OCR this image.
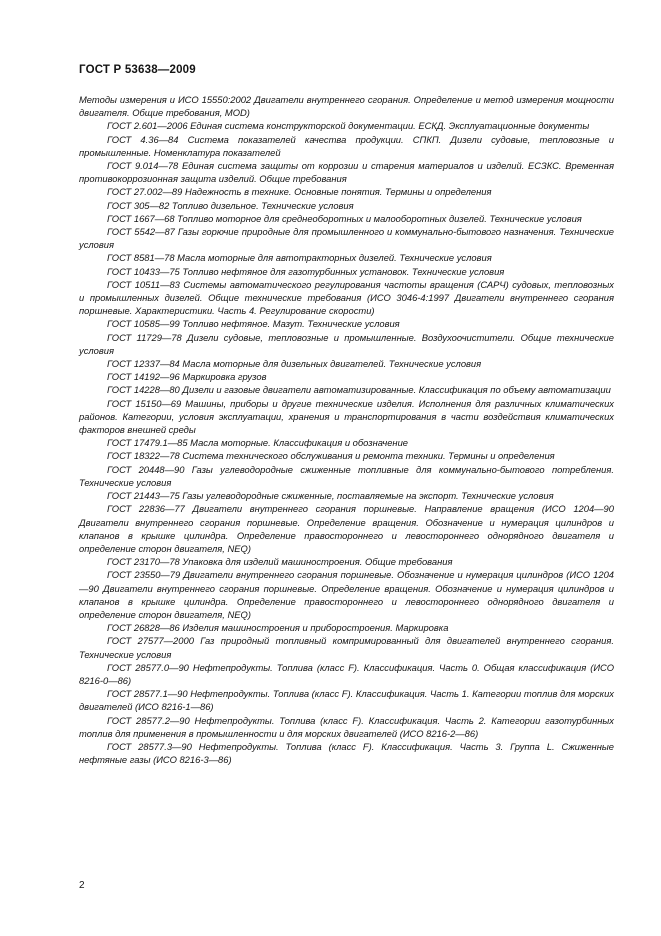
ГОСТ Р 53638—2009

Методы измерения и ИСО 15550:2002 Двигатели внутреннего сгорания. Определение и метод измерения мощности двигателя. Общие требования, MOD)

ГОСТ 2.601—2006 Единая система конструкторской документации. ЕСКД. Эксплуатационные документы

ГОСТ 4.36—84 Система показателей качества продукции. СПКП. Дизели судовые, тепловозные и промышленные. Номенклатура показателей

ГОСТ 9.014—78 Единая система защиты от коррозии и старения материалов и изделий. ЕСЗКС. Временная противокоррозионная защита изделий. Общие требования

ГОСТ 27.002—89 Надежность в технике. Основные понятия. Термины и определения

ГОСТ 305—82 Топливо дизельное. Технические условия

ГОСТ 1667—68 Топливо моторное для среднеоборотных и малооборотных дизелей. Технические условия

ГОСТ 5542—87 Газы горючие природные для промышленного и коммунально-бытового назначения. Технические условия

ГОСТ 8581—78 Масла моторные для автотракторных дизелей. Технические условия

ГОСТ 10433—75 Топливо нефтяное для газотурбинных установок. Технические условия

ГОСТ 10511—83 Системы автоматического регулирования частоты вращения (САРЧ) судовых, тепловозных и промышленных дизелей. Общие технические требования (ИСО 3046-4:1997 Двигатели внутреннего сгорания поршневые. Характеристики. Часть 4. Регулирование скорости)

ГОСТ 10585—99 Топливо нефтяное. Мазут. Технические условия

ГОСТ 11729—78 Дизели судовые, тепловозные и промышленные. Воздухоочистители. Общие технические условия

ГОСТ 12337—84 Масла моторные для дизельных двигателей. Технические условия

ГОСТ 14192—96 Маркировка грузов

ГОСТ 14228—80 Дизели и газовые двигатели автоматизированные. Классификация по объему автоматизации

ГОСТ 15150—69 Машины, приборы и другие технические изделия. Исполнения для различных климатических районов. Категории, условия эксплуатации, хранения и транспортирования в части воздействия климатических факторов внешней среды

ГОСТ 17479.1—85 Масла моторные. Классификация и обозначение

ГОСТ 18322—78 Система технического обслуживания и ремонта техники. Термины и определения

ГОСТ 20448—90 Газы углеводородные сжиженные топливные для коммунально-бытового потребления. Технические условия

ГОСТ 21443—75 Газы углеводородные сжиженные, поставляемые на экспорт. Технические условия

ГОСТ 22836—77 Двигатели внутреннего сгорания поршневые. Направление вращения (ИСО 1204—90 Двигатели внутреннего сгорания поршневые. Определение вращения. Обозначение и нумерация цилиндров и клапанов в крышке цилиндра. Определение правостороннего и левостороннего однорядного двигателя и определение сторон двигателя, NEQ)

ГОСТ 23170—78 Упаковка для изделий машиностроения. Общие требования

ГОСТ 23550—79 Двигатели внутреннего сгорания поршневые. Обозначение и нумерация цилиндров (ИСО 1204—90 Двигатели внутреннего сгорания поршневые. Определение вращения. Обозначение и нумерация цилиндров и клапанов в крышке цилиндра. Определение правостороннего и левостороннего однорядного двигателя и определение сторон двигателя, NEQ)

ГОСТ 26828—86 Изделия машиностроения и приборостроения. Маркировка

ГОСТ 27577—2000 Газ природный топливный компримированный для двигателей внутреннего сгорания. Технические условия

ГОСТ 28577.0—90 Нефтепродукты. Топлива (класс F). Классификация. Часть 0. Общая классификация (ИСО 8216-0—86)

ГОСТ 28577.1—90 Нефтепродукты. Топлива (класс F). Классификация. Часть 1. Категории топлив для морских двигателей (ИСО 8216-1—86)

ГОСТ 28577.2—90 Нефтепродукты. Топлива (класс F). Классификация. Часть 2. Категории газотурбинных топлив для применения в промышленности и для морских двигателей (ИСО 8216-2—86)

ГОСТ 28577.3—90 Нефтепродукты. Топлива (класс F). Классификация. Часть 3. Группа L. Сжиженные нефтяные газы (ИСО 8216-3—86)

2
